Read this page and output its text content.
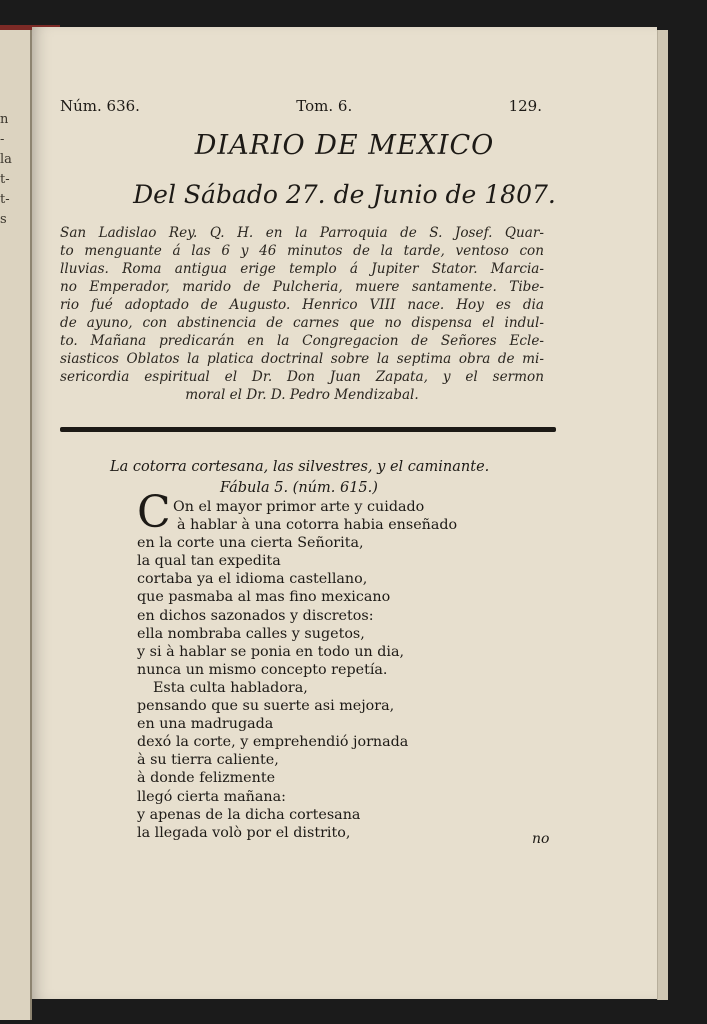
n
-
la
t-
t-
s
Núm. 636.	Tom. 6.	129.
DIARIO DE MEXICO
Del Sábado 27. de Junio de 1807.
San Ladislao Rey. Q. H. en la Parroquia de S. Josef. Quar-
to menguante á las 6 y 46 minutos de la tarde, ventoso con
lluvias. Roma antigua erige templo á Jupiter Stator. Marcia-
no Emperador, marido de Pulcheria, muere santamente. Tibe-
rio fué adoptado de Augusto. Henrico VIII nace. Hoy es dia
de ayuno, con abstinencia de carnes que no dispensa el indul-
to. Mañana predicarán en la Congregacion de Señores Ecle-
siasticos Oblatos la platica doctrinal sobre la septima obra de mi-
sericordia espiritual el Dr. Don Juan Zapata, y el sermon
moral el Dr. D. Pedro Mendizabal.
La cotorra cortesana, las silvestres, y el caminante.
Fábula 5. (núm. 615.)
C On el mayor primor arte y cuidado
à hablar à una cotorra habia enseñado
en la corte una cierta Señorita,
la qual tan expedita
cortaba ya el idioma castellano,
que pasmaba al mas fino mexicano
en dichos sazonados y discretos:
ella nombraba calles y sugetos,
y si à hablar se ponia en todo un dia,
nunca un mismo concepto repetía.
Esta culta habladora,
pensando que su suerte asi mejora,
en una madrugada
dexó la corte, y emprehendió jornada
à su tierra caliente,
à donde felizmente
llegó cierta mañana:
y apenas de la dicha cortesana
la llegada volò por el distrito,	no
